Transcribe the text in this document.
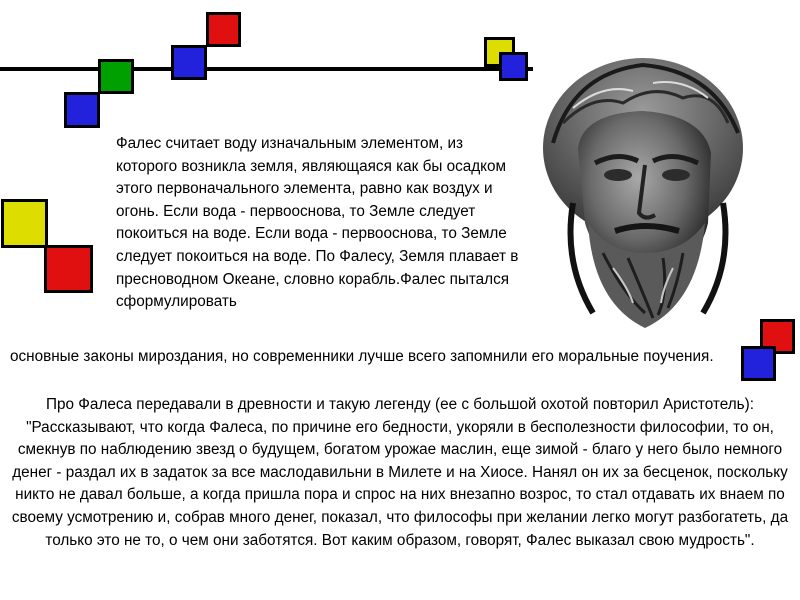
Фалес считает воду изначальным элементом, из которого возникла земля, являющаяся как бы осадком этого первоначального элемента, равно как воздух и огонь. Если вода - первооснова, то Земле следует покоиться на воде. Если вода - первооснова, то Земле следует покоиться на воде. По Фалесу, Земля плавает в пресноводном Океане, словно корабль.Фалес пытался сформулировать

основные законы мироздания, но современники лучше всего запомнили его моральные поучения.

Про Фалеса передавали в древности и такую легенду (ее с большой охотой повторил Аристотель): "Рассказывают, что когда Фалеса, по причине его бедности, укоряли в бесполезности философии, то он, смекнув по наблюдению звезд о будущем, богатом урожае маслин, еще зимой - благо у него было немного денег - раздал их в задаток за все маслодавильни в Милете и на Хиосе. Нанял он их за бесценок, поскольку никто не давал больше, а когда пришла пора и спрос на них внезапно возрос, то стал отдавать их внаем по своему усмотрению и, собрав много денег, показал, что философы при желании легко могут разбогатеть, да только это не то, о чем они заботятся. Вот каким образом, говорят, Фалес выказал свою мудрость".
